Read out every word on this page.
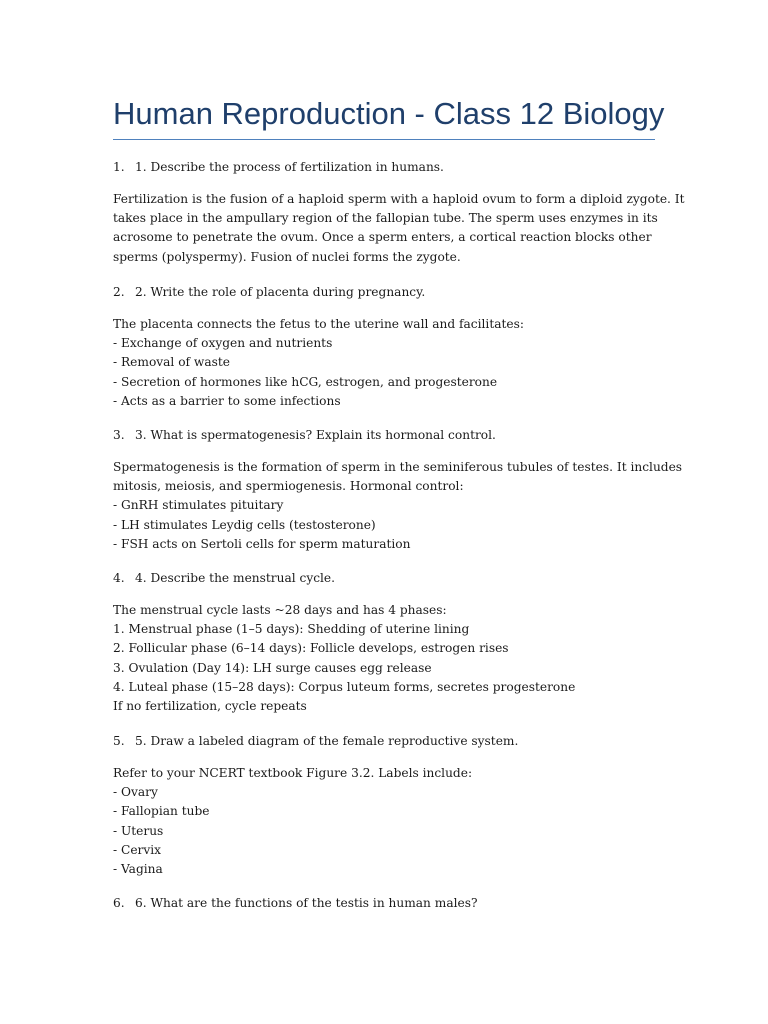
Human Reproduction - Class 12 Biology
1. 1. Describe the process of fertilization in humans.
Fertilization is the fusion of a haploid sperm with a haploid ovum to form a diploid zygote. It
takes place in the ampullary region of the fallopian tube. The sperm uses enzymes in its
acrosome to penetrate the ovum. Once a sperm enters, a cortical reaction blocks other
sperms (polyspermy). Fusion of nuclei forms the zygote.
2. 2. Write the role of placenta during pregnancy.
The placenta connects the fetus to the uterine wall and facilitates:
- Exchange of oxygen and nutrients
- Removal of waste
- Secretion of hormones like hCG, estrogen, and progesterone
- Acts as a barrier to some infections
3. 3. What is spermatogenesis? Explain its hormonal control.
Spermatogenesis is the formation of sperm in the seminiferous tubules of testes. It includes
mitosis, meiosis, and spermiogenesis. Hormonal control:
- GnRH stimulates pituitary
- LH stimulates Leydig cells (testosterone)
- FSH acts on Sertoli cells for sperm maturation
4. 4. Describe the menstrual cycle.
The menstrual cycle lasts ~28 days and has 4 phases:
1. Menstrual phase (1–5 days): Shedding of uterine lining
2. Follicular phase (6–14 days): Follicle develops, estrogen rises
3. Ovulation (Day 14): LH surge causes egg release
4. Luteal phase (15–28 days): Corpus luteum forms, secretes progesterone
If no fertilization, cycle repeats
5. 5. Draw a labeled diagram of the female reproductive system.
Refer to your NCERT textbook Figure 3.2. Labels include:
- Ovary
- Fallopian tube
- Uterus
- Cervix
- Vagina
6. 6. What are the functions of the testis in human males?
